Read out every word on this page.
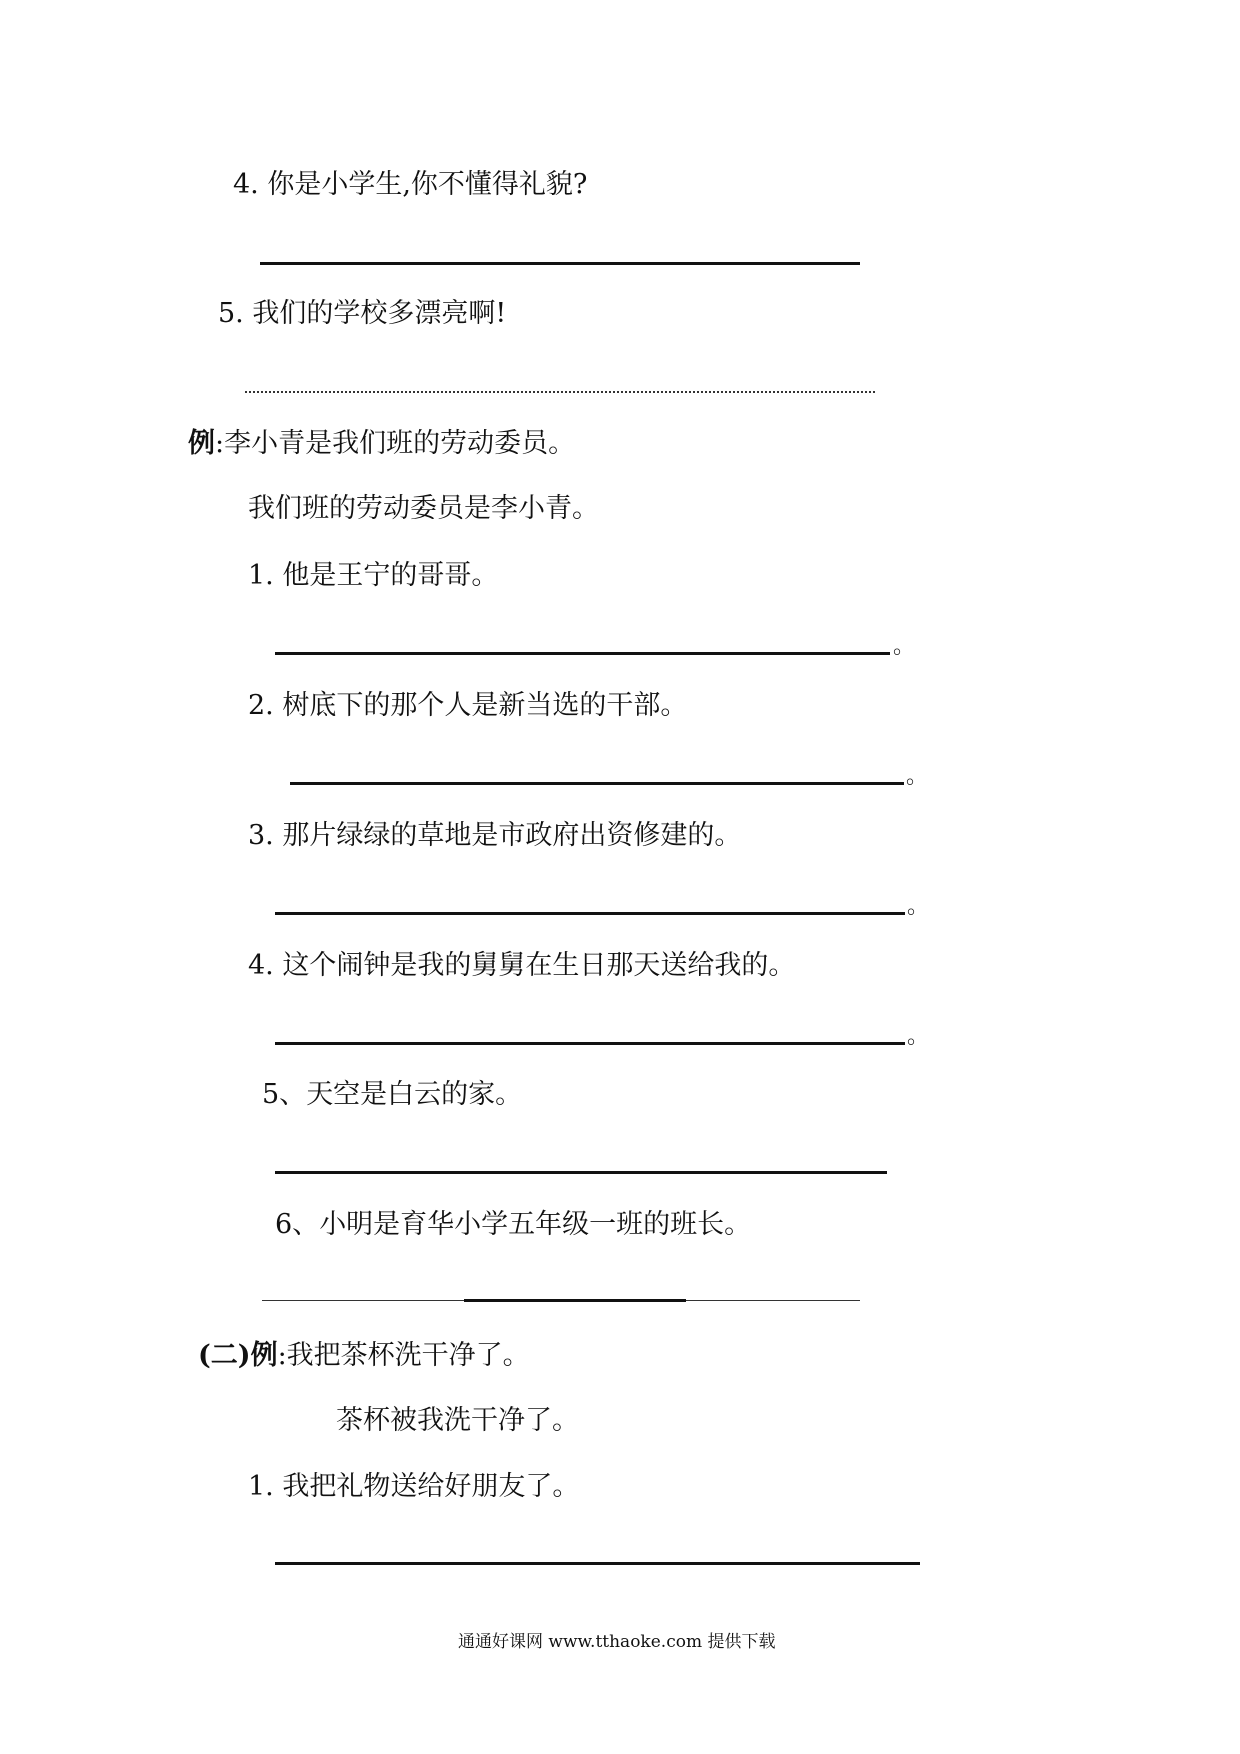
4. 你是小学生,你不懂得礼貌?
5. 我们的学校多漂亮啊!
例:李小青是我们班的劳动委员。
我们班的劳动委员是李小青。
1. 他是王宁的哥哥。
。
2. 树底下的那个人是新当选的干部。
。
3. 那片绿绿的草地是市政府出资修建的。
。
4. 这个闹钟是我的舅舅在生日那天送给我的。
。
5、天空是白云的家。
6、小明是育华小学五年级一班的班长。
(二)例:我把茶杯洗干净了。
茶杯被我洗干净了。
1. 我把礼物送给好朋友了。
通通好课网 www.tthaoke.com 提供下载
